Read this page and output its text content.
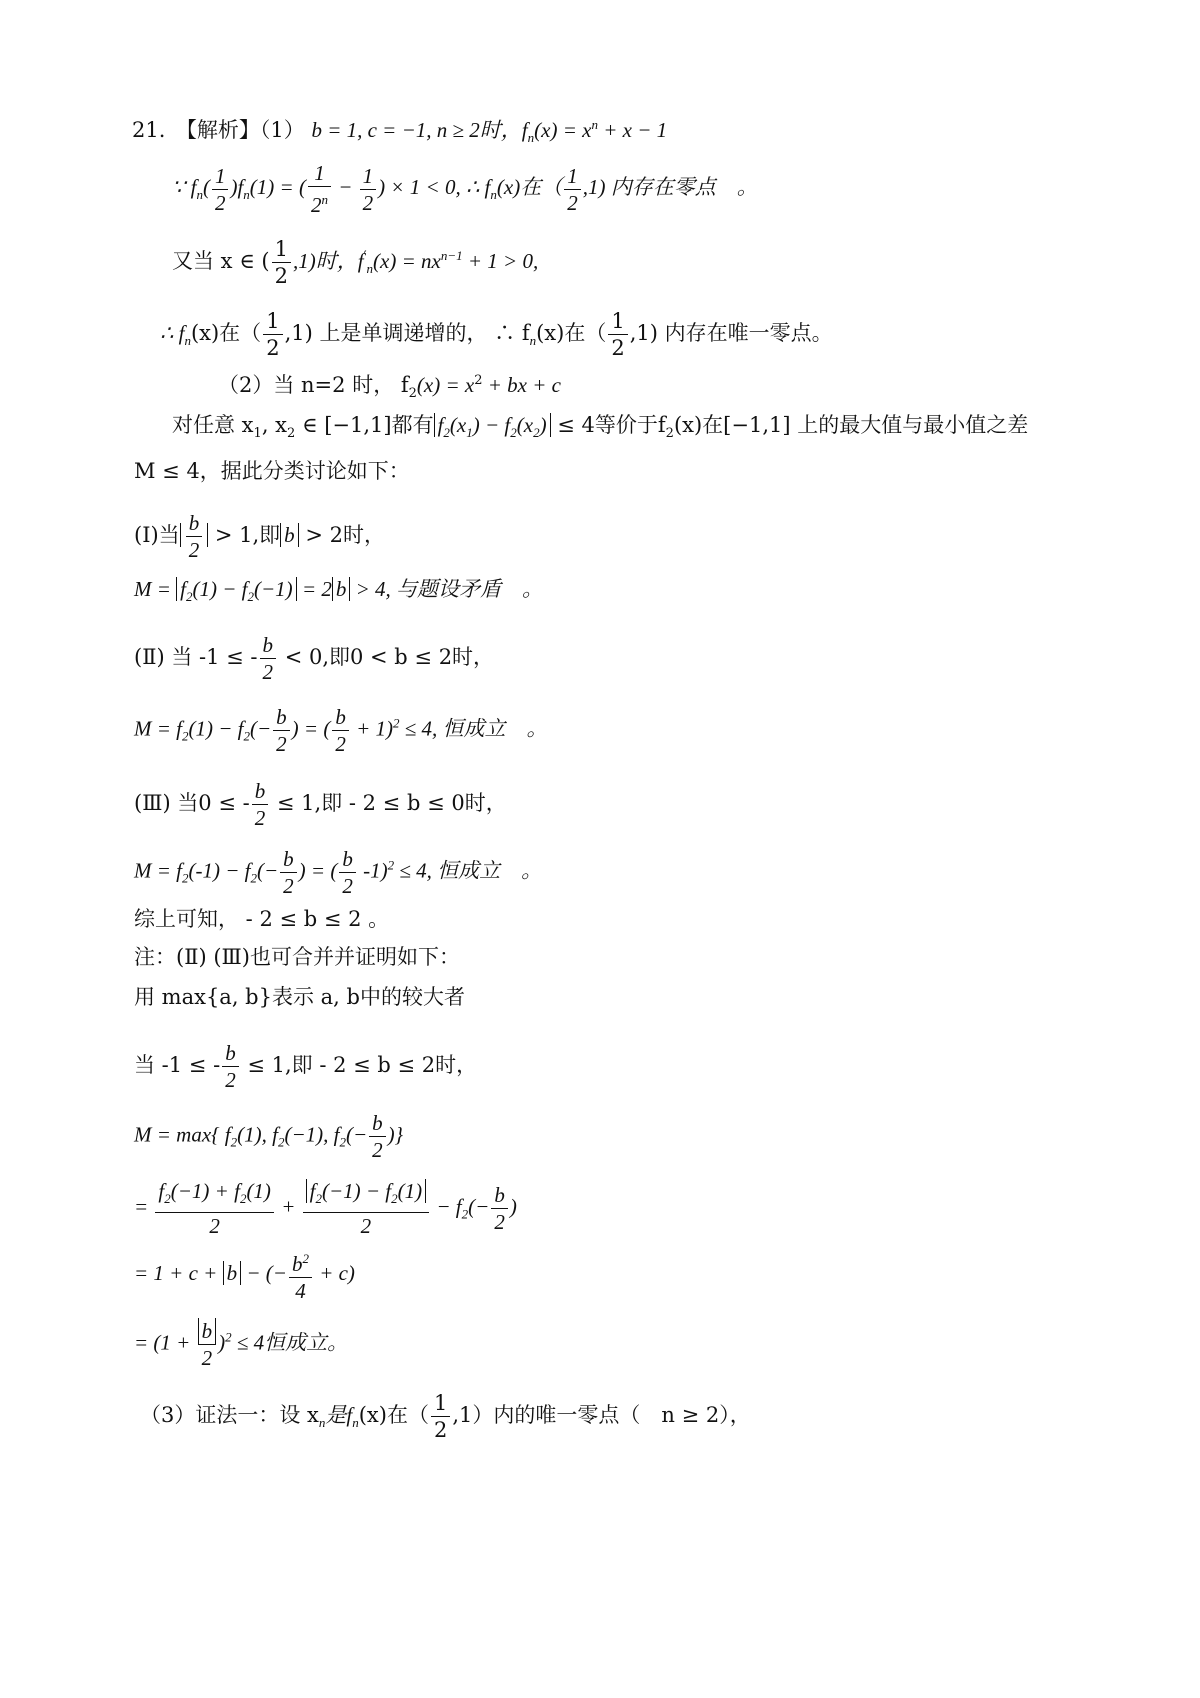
21.　【解析】（1） b = 1, c = −1, n ≥ 2时，$f_n(x) = x^n + x - 1$
∵ $f_n( \frac{1}{2} )f_n(1)$ = ( $\frac{1}{2^n} - \frac{1}{2}$ ) × 1 < 0, ∴ $f_n(x)$在（ $\frac{1}{2} ,1$) 内存在零点　。
又当 x ∈ ( $\frac{1}{2} ,1$)时，$f'_n(x) = nx^{n-1} + 1 > 0$,
∴ $f_n(x)$在（ $\frac{1}{2} ,1$) 上是单调递增的， ∴ $f_n(x)$在（ $\frac{1}{2} ,1$) 内存在唯一零点。
（2）当 n=2 时， $f_2(x) = x^2$ + bx + c
对任意 $x_1$, $x_2$ ∈ [−1,1]都有 $f_2(x_1) - f_2(x_2) \le 4$等价于$f_2(x)$在[−1,1] 上的最大值与最小值之差
M ≤ 4，据此分类讨论如下：
(Ⅰ)当 $\frac{b}{2} > 1$,即 b > 2时，
$M = f_2(1) - f_2(-1) = 2$ b > 4, 与题设矛盾　。
(Ⅱ) 当 -1 ≤ - $\frac{b}{2} < 0$,即0 < b ≤ 2时，
$M = f_2(1) - f_2(- \frac{b}{2}$ ) = ( $\frac{b}{2} + 1)^2 \le 4$, 恒成立　。
(Ⅲ) 当0 ≤ - $\frac{b}{2} \le 1$,即 - 2 ≤ b ≤ 0时，
$M = f_2(-1) - f_2(- \frac{b}{2}$ ) = ( $\frac{b}{2} -1)^2 \le 4$, 恒成立　。
综上可知， - 2 ≤ b ≤ 2 。
注：(Ⅱ) (Ⅲ)也可合并并证明如下：
用 max{a, b}表示 a, b中的较大者
当 -1 ≤ - $\frac{b}{2} \le 1$,即 - 2 ≤ b ≤ 2时，
M = max{ $f_2(1)$, $f_2(-1)$, $f_2(- \frac{b}{2}$ )}
= $\frac{f_2(-1) + f_2(1)}{2} + \frac{f_2(-1) - f_2(1)}{2} - f_2(- \frac{b}{2}$ )
= 1 + c + b − (− $\frac{b^2}{4} + c$)
= $(1 + \frac{b}{2} )^2 \le 4$恒成立。
（3）证法一：设 $x_n$是$f_n(x)$在（ $\frac{1}{2} ,1$）内的唯一零点（　n ≥ 2），
